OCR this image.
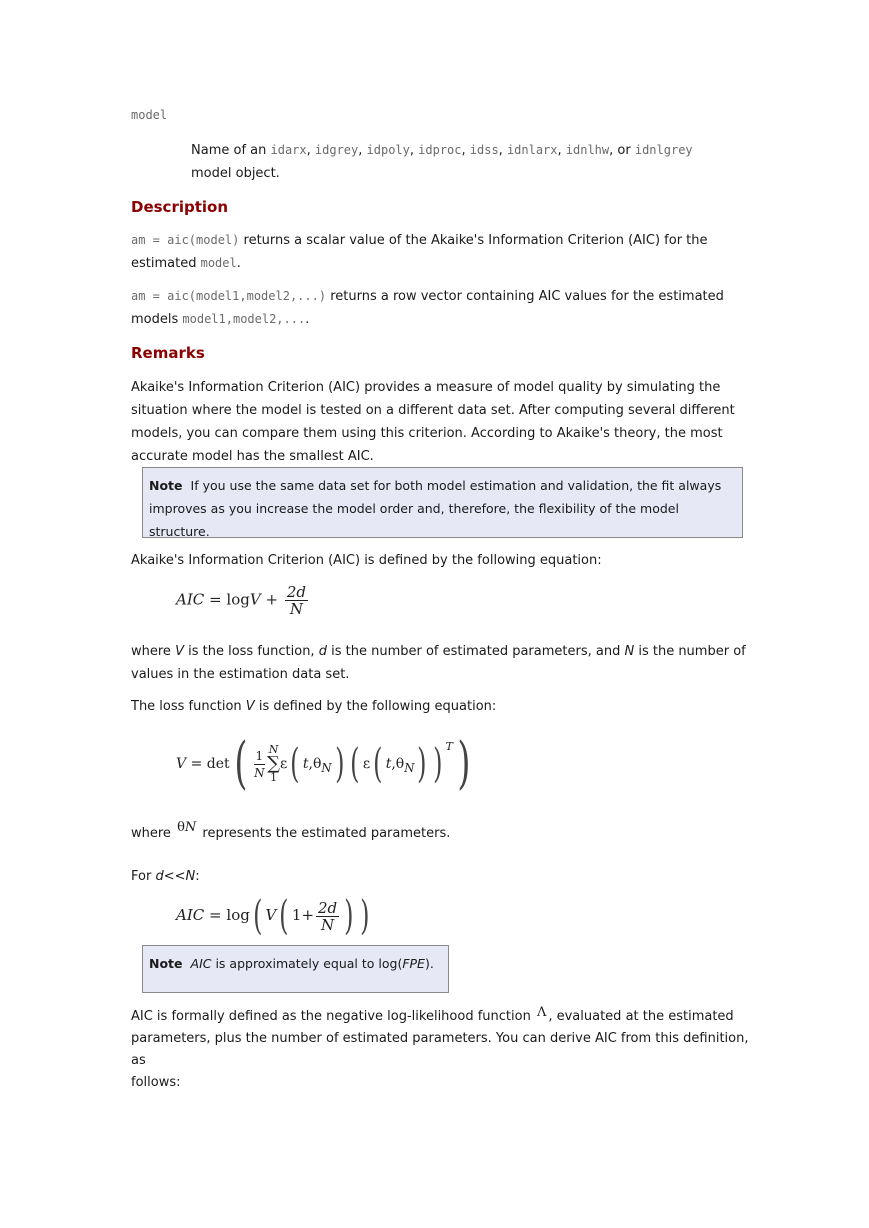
model
Name of an idarx, idgrey, idpoly, idproc, idss, idnlarx, idnlhw, or idnlgrey
model object.
Description
am = aic(model) returns a scalar value of the Akaike's Information Criterion (AIC) for the
estimated model.
am = aic(model1,model2,...) returns a row vector containing AIC values for the estimated
models model1,model2,....
Remarks
Akaike's Information Criterion (AIC) provides a measure of model quality by simulating the
situation where the model is tested on a different data set. After computing several different
models, you can compare them using this criterion. According to Akaike's theory, the most
accurate model has the smallest AIC.
Note If you use the same data set for both model estimation and validation, the fit always
improves as you increase the model order and, therefore, the flexibility of the model structure.

Akaike's Information Criterion (AIC) is defined by the following equation:

AIC = $\log V + \frac{2d}{N}$
where V is the loss function, d is the number of estimated parameters, and N is the number of
values in the estimation data set.

The loss function V is defined by the following equation:

$V = \det( \frac{1}{N}$ N
∑
1
ε( $t,\theta_N$) ( ε( $t,\theta_N$) ) $^T$)

where θN represents the estimated parameters.

For d<<N:

AIC = log( V( $1+ \frac{2d}{N}$ ) )
Note AIC is approximately equal to log(FPE).
AIC is formally defined as the negative log-likelihood function Λ , evaluated at the estimated
parameters, plus the number of estimated parameters. You can derive AIC from this definition, as
follows:
